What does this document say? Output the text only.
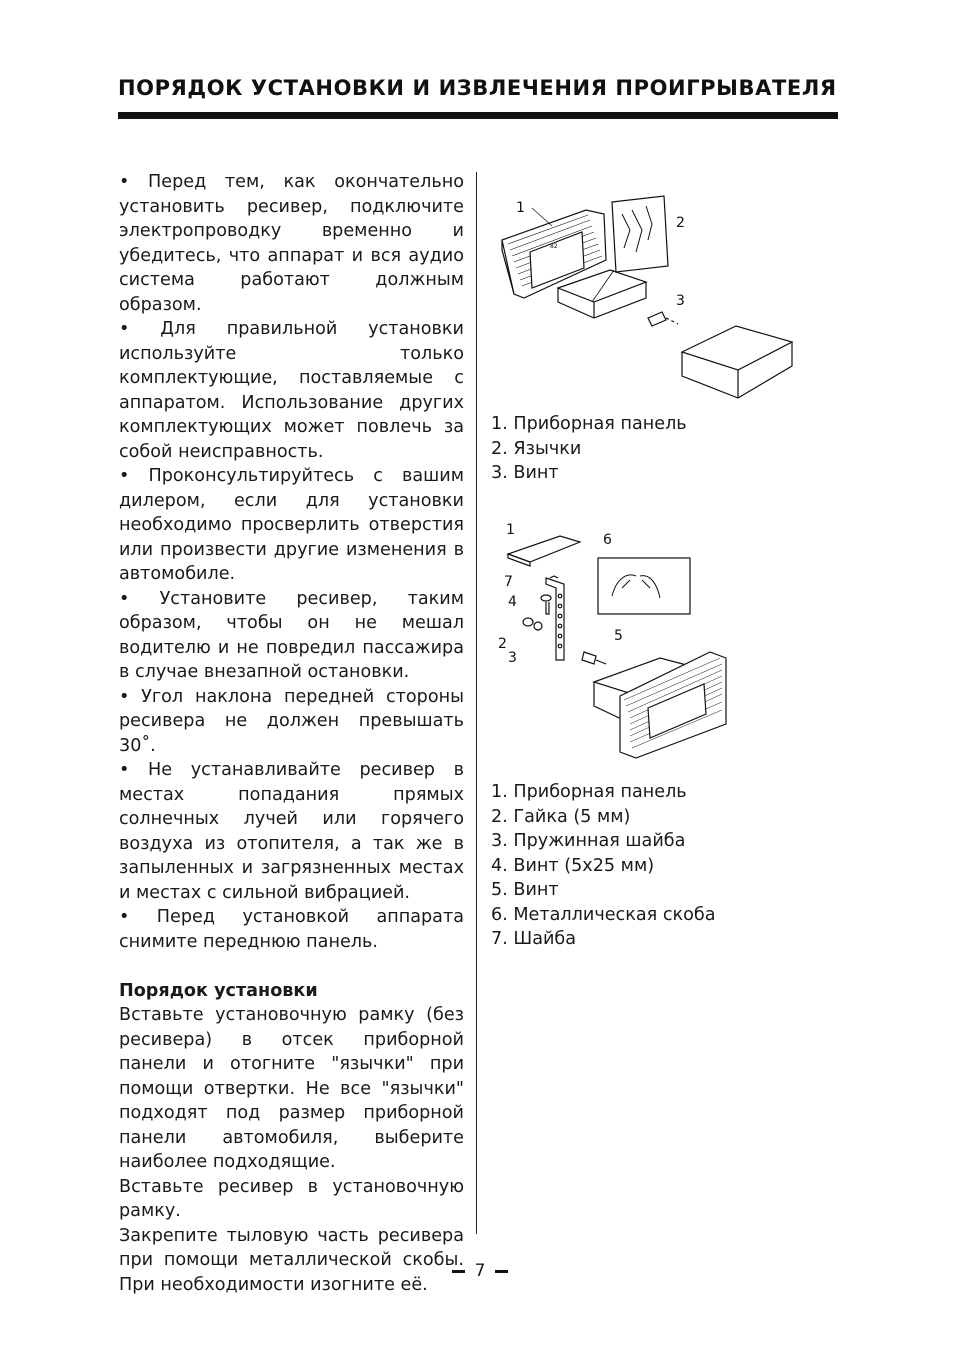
ПОРЯДОК УСТАНОВКИ И ИЗВЛЕЧЕНИЯ ПРОИГРЫВАТЕЛЯ

• Перед тем, как окончательно установить ресивер, подключите электропроводку временно и убедитесь, что аппарат и вся аудио система работают должным образом.

• Для правильной установки используйте только комплектующие, поставляемые с аппаратом. Использование других комплектующих может повлечь за собой неисправность.

• Проконсультируйтесь с вашим дилером, если для установки необходимо просверлить отверстия или произвести другие изменения в автомобиле.

• Установите ресивер, таким образом, чтобы он не мешал водителю и не повредил пассажира в случае внезапной остановки.

• Угол наклона передней стороны ресивера не должен превышать 30˚.

• Не устанавливайте ресивер в местах попадания прямых солнечных лучей или горячего воздуха из отопителя, а так же в запыленных и загрязненных местах и местах с сильной вибрацией.

• Перед установкой аппарата снимите переднюю панель.

Порядок установки

Вставьте установочную рамку (без ресивера) в отсек приборной панели и отогните "язычки" при помощи отвертки. Не все "язычки" подходят под размер приборной панели автомобиля, выберите наиболее подходящие.

Вставьте ресивер в установочную рамку.

Закрепите тыловую часть ресивера при помощи металлической скобы. При необходимости изогните её.

82
1
2
3
1. Приборная панель
2. Язычки
3. Винт
1
6
7
4
2
3
5
1. Приборная панель
2. Гайка (5 мм)
3. Пружинная шайба
4. Винт (5x25 мм)
5. Винт
6. Металлическая скоба
7. Шайба
7
